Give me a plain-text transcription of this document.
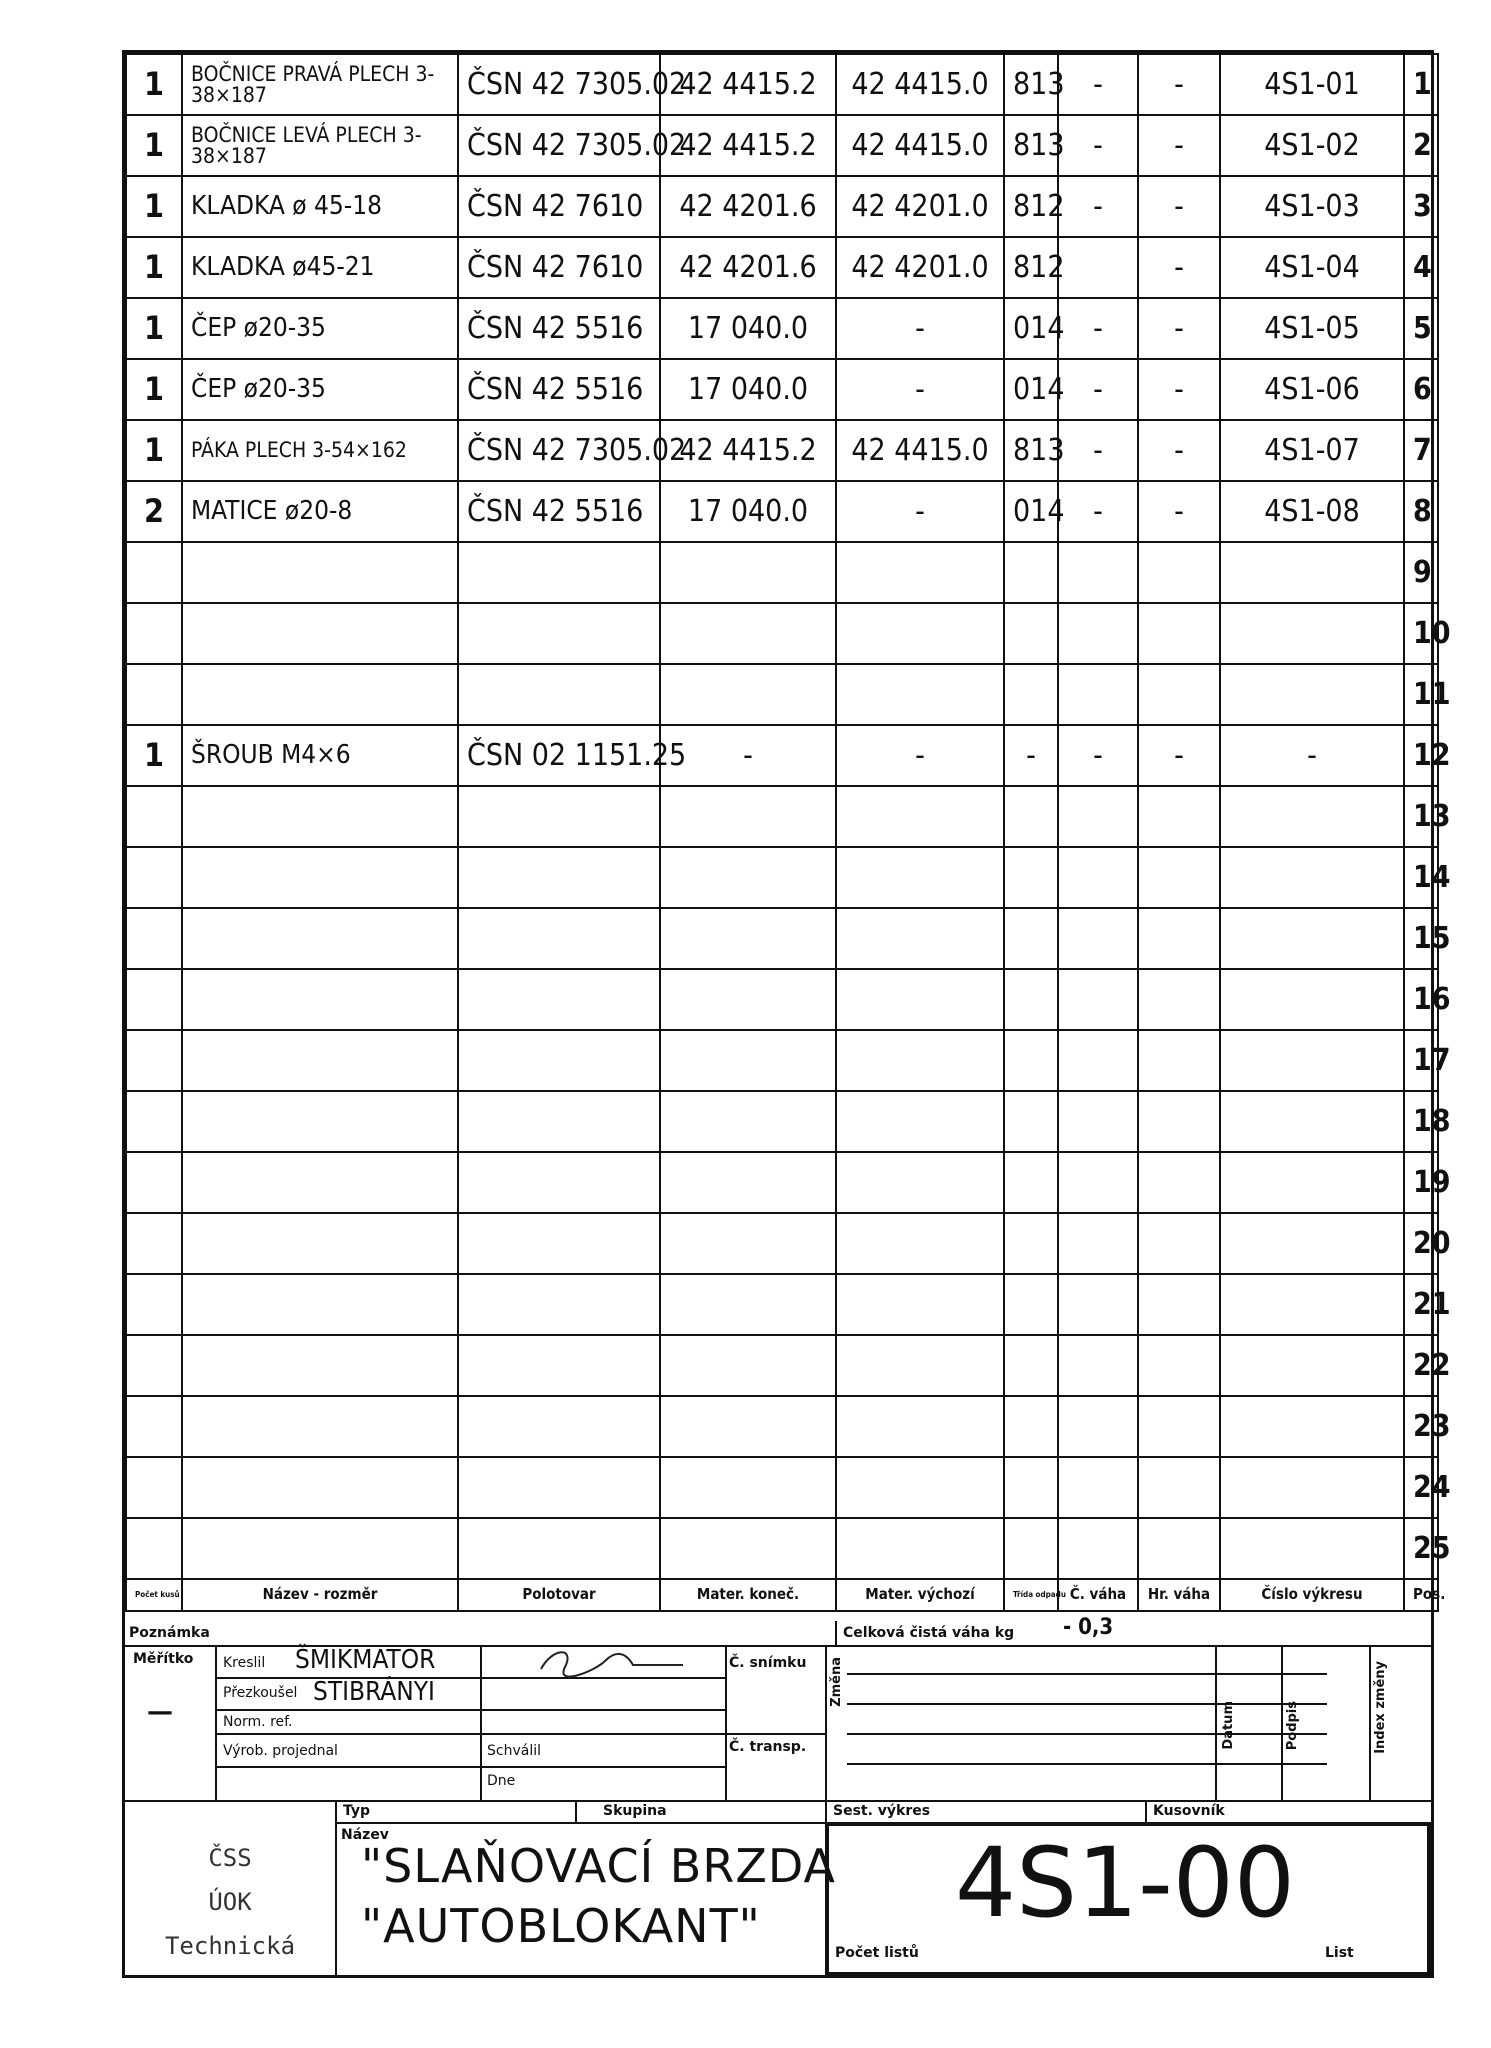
1	BOČNICE PRAVÁ PLECH 3-38×187	ČSN 42 7305.02	42 4415.2	42 4415.0	813	-	-	4S1-01	1
1	BOČNICE LEVÁ PLECH 3-38×187	ČSN 42 7305.02	42 4415.2	42 4415.0	813	-	-	4S1-02	2
1	KLADKA ø 45-18	ČSN 42 7610	42 4201.6	42 4201.0	812	-	-	4S1-03	3
1	KLADKA ø45-21	ČSN 42 7610	42 4201.6	42 4201.0	812		-	4S1-04	4
1	ČEP ø20-35	ČSN 42 5516	17 040.0	-	014	-	-	4S1-05	5
1	ČEP ø20-35	ČSN 42 5516	17 040.0	-	014	-	-	4S1-06	6
1	PÁKA PLECH 3-54×162	ČSN 42 7305.02	42 4415.2	42 4415.0	813	-	-	4S1-07	7
2	MATICE ø20-8	ČSN 42 5516	17 040.0	-	014	-	-	4S1-08	8
									9
									10
									11
1	ŠROUB M4×6	ČSN 02 1151.25	-	-	-	-	-	-	12
									13
									14
									15
									16
									17
									18
									19
									20
									21
									22
									23
									24
									25
Počet kusů	Název - rozměr	Polotovar	Mater. koneč.	Mater. výchozí	Třída odpadu	Č. váha	Hr. váha	Číslo výkresu	Pos.
Poznámka	Celková čistá váha kg - 0,3
Měřítko
—
Kreslil ŠMIKMATOR
Přezkoušel STIBRÁNYI
Norm. ref.
Výrob. projednal	Schválil
Dne
Č. snímku
Č. transp.
Změna
Datum	Podpis	Index změny
Typ	Skupina	Sest. výkres	Kusovník
ČSS
ÚOK
Technická
Název
"SLAŇOVACÍ BRZDA
"AUTOBLOKANT" 4S1-00
Počet listů	List
